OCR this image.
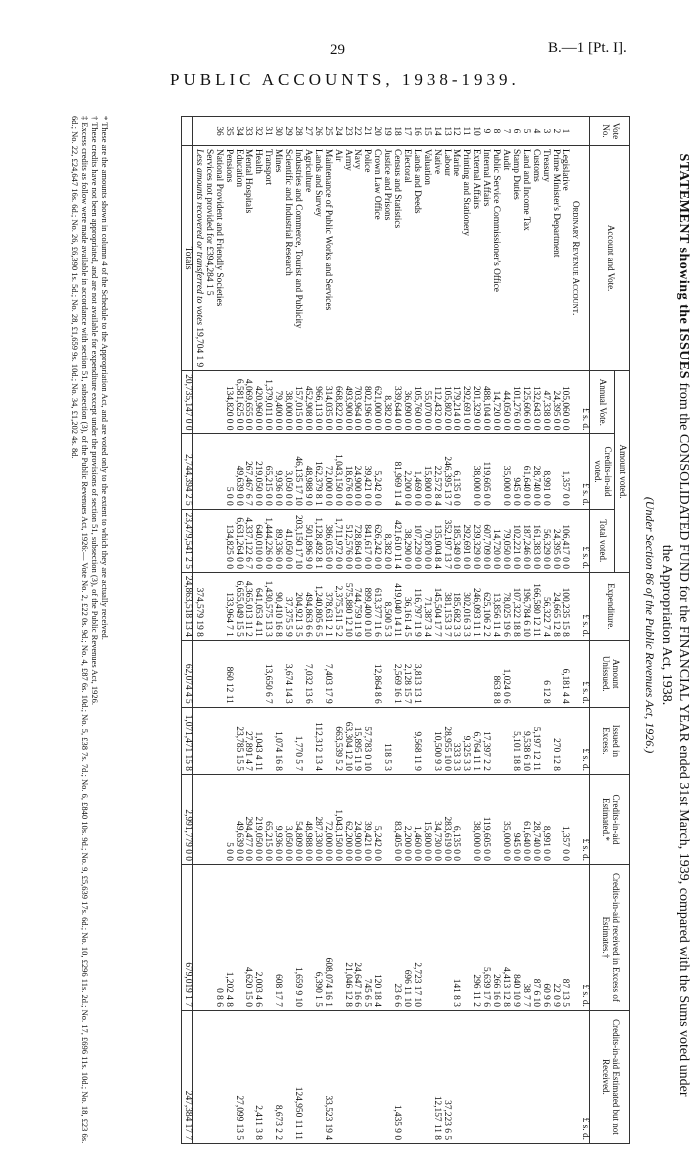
29	B.—1 [Pt. I].
PUBLIC ACCOUNTS, 1938-1939.
STATEMENT showing the ISSUES from the CONSOLIDATED FUND for the FINANCIAL YEAR ended 31st March, 1939, compared with the Sums voted under
the Appropriation Act, 1938.
(Under Section 86 of the Public Revenues Act, 1926.)
Vote No.	Account and Vote.	Amount voted.			Expenditure.	Amount Unissued.	Issued in Excess.	Credits-in-aid Estimated.*	Credits-in-aid received in Excess of Estimates.†	Credits-in-aid Estimated but not Received.
		Annual Vote.	Credits-in-aid voted.	Total voted.						
		£ s. d.	£ s. d.	£ s. d.	£ s. d.	£ s. d.	£ s. d.	£ s. d.	£ s. d.	£ s. d.
	Ordinary Revenue Account.									
1	Legislative	105,060 0 0	1,357 0 0	106,417 0 0	100,235 15 8	6,181 4 4		1,357 0 0	87 13 5	
2	Prime Minister's Department	24,395 0 0		24,395 0 0	24,665 12 8		270 12 8		22 0 9	
3	Treasury	47,338 0 0	8,991 0 0	56,329 0 0	56,322 7 4	6 12 8		8,991 0 0	60 9 6	
4	Customs	132,643 0 0	28,740 0 0	161,383 0 0	166,580 12 11		5,197 12 11	28,740 0 0	87 6 10	
5	Land and Income Tax	125,606 0 0	61,640 0 0	187,246 0 0	196,784 6 10		9,538 6 10	61,640 0 0	38 7 7	
6	Stamp Duties	101,276 0 0	945 0 0	102,221 0 0	107,322 18 8		5,101 18 8	945 0 0	840 10 9	
7	Audit	44,050 0 0	35,000 0 0	79,050 0 0	78,025 19 6	1,024 0 6		35,000 0 0	4,413 12 8	
8	Public Service Commissioner's Office	14,720 0 0		14,720 0 0	13,856 11 4	863 8 8			266 16 0	
9	Internal Affairs	488,104 0 0	119,605 0 0	607,709 0 0	625,106 2 2		17,397 2 2	119,605 0 0	5,639 17 6	
10	External Affairs	201,329 0 0	38,000 0 0	239,329 0 0	246,093 11 1		6,764 11 1	38,000 0 0	296 11 2	
11	Printing and Stationery	292,691 0 0		292,691 0 0	302,016 3 3		9,325 3 3			
12	Marine	179,214 0 0	6,135 0 0	185,349 0 0	185,682 3 3		333 3 3	6,135 0 0	141 8 3	
13	Labour	105,802 0 0	246,395 13 7	352,197 13 7	381,153 3 7		28,955 10 0	283,619 0 0		37,223 6 5
14	Native	112,432 0 0	22,572 8 4	135,004 8 4	145,504 17 7		10,500 9 3	34,730 0 0		12,157 11 8
15	Valuation	55,070 0 0	15,800 0 0	70,870 0 0	71,387 3 4			15,800 0 0		
16	Lands and Deeds	105,760 0 0	1,469 0 0	107,229 0 0	116,797 11 9	3,813 13 1	9,568 11 9	1,460 0 0	2,723 17 10	
17	Electoral	36,090 0 0	2,200 0 0	38,290 0 0	36,161 4 5	2,128 15 7		2,200 0 0	696 11 10	
18	Census and Statistics	339,644 0 0	81,969 11 4	421,610 11 4	419,040 14 11	2,569 16 1		83,405 0 0	23 6 6	1,435 9 0
19	Justice and Prisons	8,382 0 0		8,382 0 0	8,500 5 3		118 5 3			
20	Crown Law Office	621,000 0 0	5,242 0 0	626,242 0 0	613,377 11 6	12,864 8 6		5,242 0 0	120 18 4	
21	Police	802,196 0 0	39,421 0 0	841,617 0 0	899,400 0 10		57,783 0 10	39,421 0 0	745 6 5	
22	Navy	703,964 0 0	24,900 0 0	728,864 0 0	744,759 11 9		15,895 11 9	24,900 0 0	24,647 16 6	
23	Army	493,900 0 0	18,676 0 0	512,576 0 0	575,880 12 10		63,304 12 10	62,200 0 0	21,046 12 8	
24	Air	668,822 0 0	1,043,150 0 0	1,711,972 0 0	2,375,511 5 2		663,539 5 2	1,043,150 0 0		
25	Maintenance of Public Works and Services	314,035 0 0	72,000 0 0	386,035 0 0	378,631 2 1	7,403 17 9		72,000 0 0	608,074 16 1	33,523 19 4
26	Lands and Survey	966,113 0 0	162,379 8 1	1,128,492 8 1	1,240,805 6 5		112,312 13 4	287,330 0 0	6,390 1 5	
27	Agriculture	452,908 0 0	48,988 9 0	501,896 9 0	494,863 6 6	7,032 13 6		48,988 0 0		
28	Industries and Commerce, Tourist and Publicity	157,015 0 0	46,135 17 10	203,150 17 10	204,921 3 5		1,770 5 7	54,809 0 0	1,659 9 10	124,950 11 11
29	Scientific and Industrial Research	38,000 0 0	3,050 0 0	41,050 0 0	37,375 5 9	3,674 14 3		3,050 0 0		
30	Mines	79,400 0 0	9,936 0 0	89,336 0 0	90,410 16 8		1,074 16 8	9,936 0 0	608 17 7	8,673 2 2
31	Transport	1,379,011 0 0	65,215 0 0	1,444,226 0 0	1,430,575 13 3	13,650 6 7		65,215 0 0		
32	Health	420,960 0 0	219,050 0 0	640,010 0 0	641,053 4 11		1,043 4 11	219,050 0 0	2,003 4 6	2,411 3 8
33	Mental Hospitals	4,069,655 0 0	267,467 6 7	4,337,122 6 7	4,365,013 11 2		27,891 4 7	294,477 0 0	4,620 15 0	
34	Education	6,581,625 0 0	49,639 0 0	6,631,264 0 0	6,655,049 15 5		23,785 15 5	49,639 0 0		27,099 13 5
35	Pensions	134,820 0 0	5 0 0	134,825 0 0	133,964 7 1	860 12 11		5 0 0	1,202 4 8	
36	National Provident and Friendly Societies								0 8 6	
	Services not provided for £394,284 1 5									
	Less amounts recovered or transferred to votes 19,704 1 9				374,579 19 8					
	Totals	20,735,147 0 0	2,744,394 2 5	23,479,541 2 5	24,863,518 13 4	62,074 4 5	1,071,471 15 8	2,991,779 0 0	679,019 1 7	247,384 17 7
* These are the amounts shown in column 4 of the Schedule to the Appropriation Act, and are voted only to the extent to which they are actually received.
† These credits have not been appropriated, and are not available for expenditure except under the provisions of section 51, subsection (3), of the Public Revenues Act, 1926.
‡ Excess credits as follow were made available in accordance with section 51, subsection (3), of the Public Revenues Act, 1926:— Vote No. 2, £22 0s. 9d.; No. 4, £87 6s. 10d.; No. 5, £38 7s. 7d.; No. 6, £840 10s. 9d.; No. 9, £5,639 17s. 6d.; No. 10, £296 11s. 2d.; No. 17, £696 11s. 10d.; No. 18, £23 6s. 6d.; No. 22, £24,647 16s. 6d.; No. 26, £6,390 1s. 5d.; No. 28, £1,659 9s. 10d.; No. 34, £1,202 4s. 8d.
